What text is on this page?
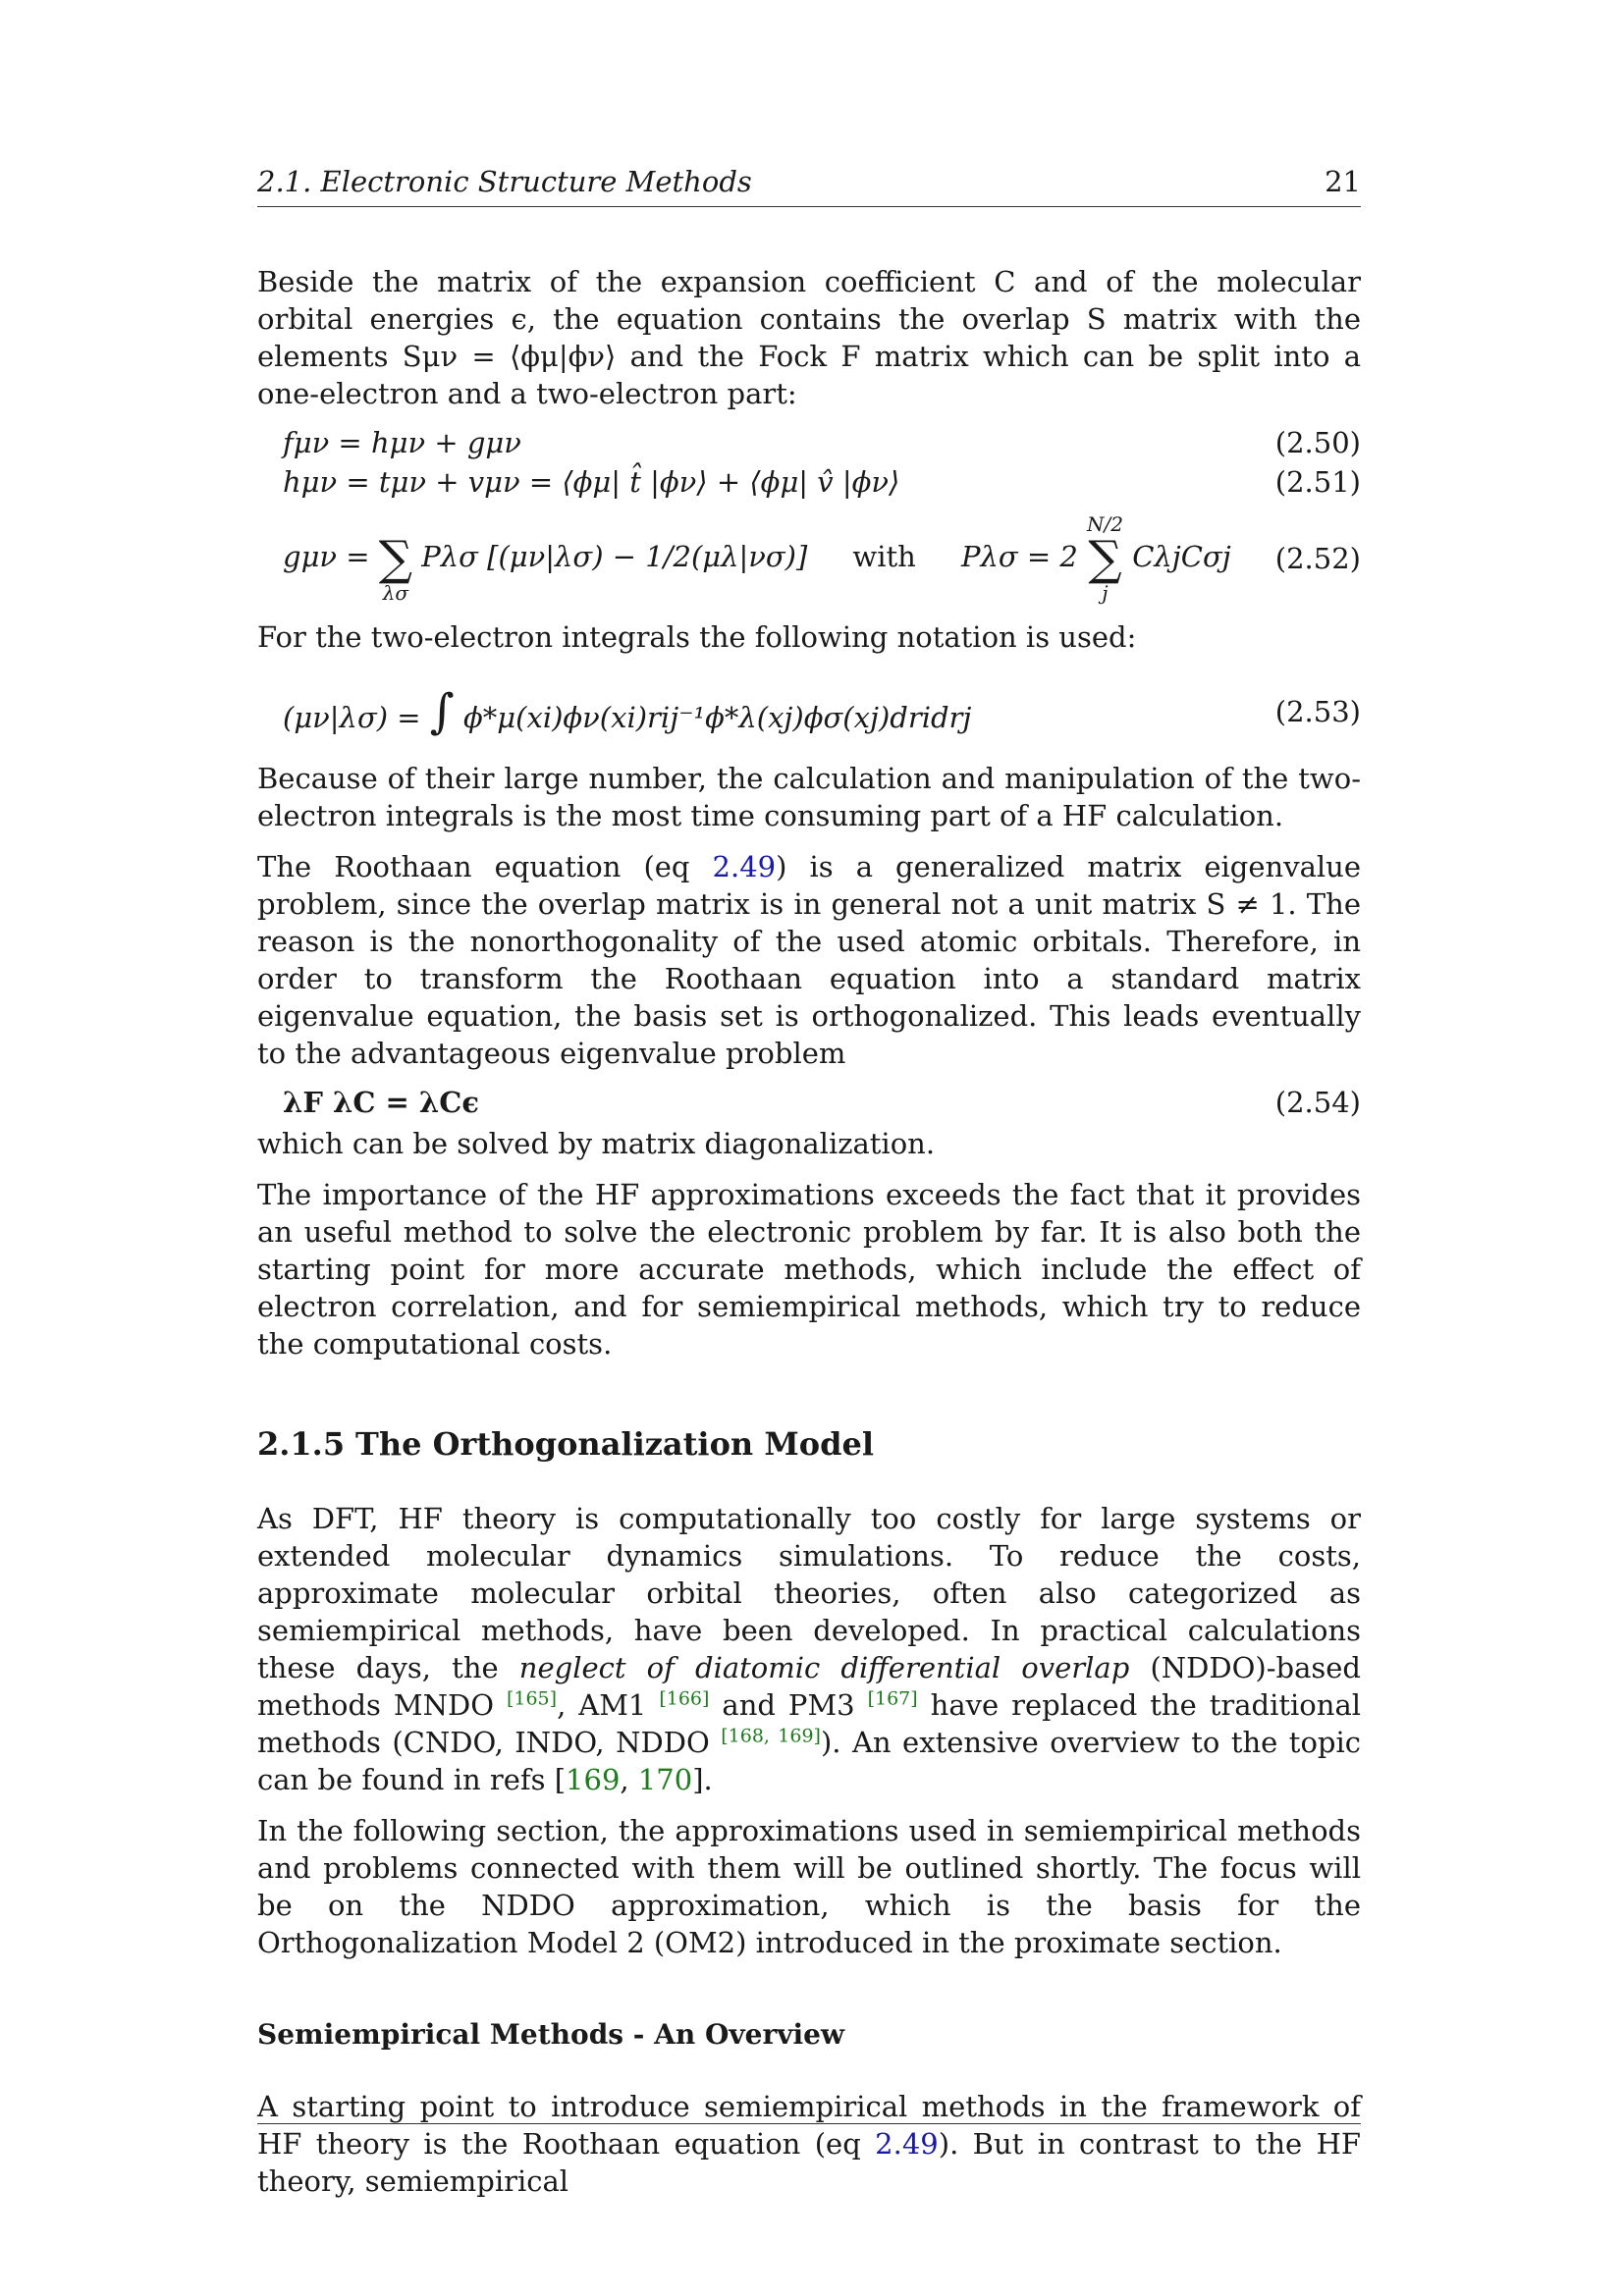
2.1. Electronic Structure Methods	21

Beside the matrix of the expansion coefficient C and of the molecular orbital energies ϵ, the equation contains the overlap S matrix with the elements Sμν = ⟨ϕμ|ϕν⟩ and the Fock F matrix which can be split into a one-electron and a two-electron part:

fμν = hμν + gμν	(2.50)
hμν = tμν + vμν = ⟨ϕμ| t̂ |ϕν⟩ + ⟨ϕμ| v̂ |ϕν⟩	(2.51)
gμν =
∑
λσ
Pλσ [(μν|λσ) − 1/2(μλ|νσ)] with Pλσ = 2
N/2
∑
j
CλjCσj (2.52)

For the two-electron integrals the following notation is used:

(μν|λσ) = ∫ ϕ*μ(xi)ϕν(xi)rij⁻¹ϕ*λ(xj)ϕσ(xj)dridrj	(2.53)

Because of their large number, the calculation and manipulation of the two-electron integrals is the most time consuming part of a HF calculation.

The Roothaan equation (eq 2.49) is a generalized matrix eigenvalue problem, since the overlap matrix is in general not a unit matrix S ≠ 1. The reason is the nonorthogonality of the used atomic orbitals. Therefore, in order to transform the Roothaan equation into a standard matrix eigenvalue equation, the basis set is orthogonalized. This leads eventually to the advantageous eigenvalue problem

λF λC = λCϵ	(2.54)

which can be solved by matrix diagonalization.

The importance of the HF approximations exceeds the fact that it provides an useful method to solve the electronic problem by far. It is also both the starting point for more accurate methods, which include the effect of electron correlation, and for semiempirical methods, which try to reduce the computational costs.

2.1.5 The Orthogonalization Model

As DFT, HF theory is computationally too costly for large systems or extended molecular dynamics simulations. To reduce the costs, approximate molecular orbital theories, often also categorized as semiempirical methods, have been developed. In practical calculations these days, the neglect of diatomic differential overlap (NDDO)-based methods MNDO [165], AM1 [166] and PM3 [167] have replaced the traditional methods (CNDO, INDO, NDDO [168, 169]). An extensive overview to the topic can be found in refs [169, 170].

In the following section, the approximations used in semiempirical methods and problems connected with them will be outlined shortly. The focus will be on the NDDO approximation, which is the basis for the Orthogonalization Model 2 (OM2) introduced in the proximate section.

Semiempirical Methods - An Overview

A starting point to introduce semiempirical methods in the framework of HF theory is the Roothaan equation (eq 2.49). But in contrast to the HF theory, semiempirical
